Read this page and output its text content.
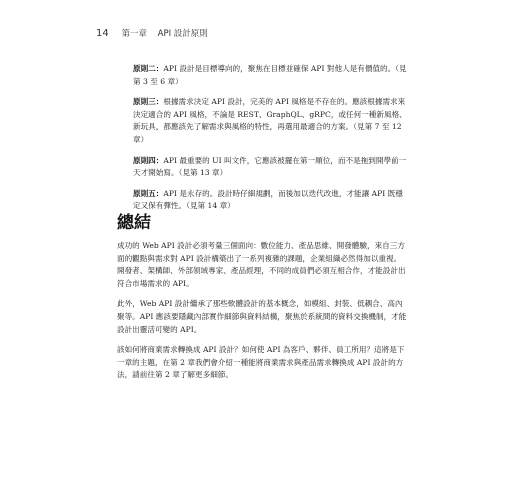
14 第一章 API 設計原則

原則二：API 設計是目標導向的，聚焦在目標並確保 API 對他人是有價值的。（見第 3 至 6 章）

原則三：根據需求決定 API 設計，完美的 API 風格是不存在的。應該根據需求來決定適合的 API 風格，不論是 REST、GraphQL、gRPC，或任何一種新風格、新玩具，都應該先了解需求與風格的特性，再選用最適合的方案。（見第 7 至 12 章）

原則四：API 最重要的 UI 叫文件，它應該被擺在第一順位，而不是拖到開學前一天才開始寫。（見第 13 章）

原則五：API 是永存的。設計時仔細規劃，而後加以迭代改進，才能讓 API 既穩定又保有彈性。（見第 14 章）

總結

成功的 Web API 設計必須考量三個面向：數位能力、產品思維、開發體驗，來自三方面的觀點與需求對 API 設計構築出了一系列複雜的課題，企業組織必然得加以重視。開發者、架構師、外部領域專家、產品經理，不同的成員們必須互相合作，才能設計出符合市場需求的 API。

此外，Web API 設計繼承了那些軟體設計的基本概念，如模組、封裝、低耦合、高內聚等。API 應該要隱藏內部實作細節與資料結構，聚焦於系統間的資料交換機制，才能設計出靈活可變的 API。

該如何將商業需求轉換成 API 設計？如何使 API 為客戶、夥伴、員工所用？這將是下一章的主題，在第 2 章我們會介紹一種能將商業需求與產品需求轉換成 API 設計的方法，請前往第 2 章了解更多細節。
